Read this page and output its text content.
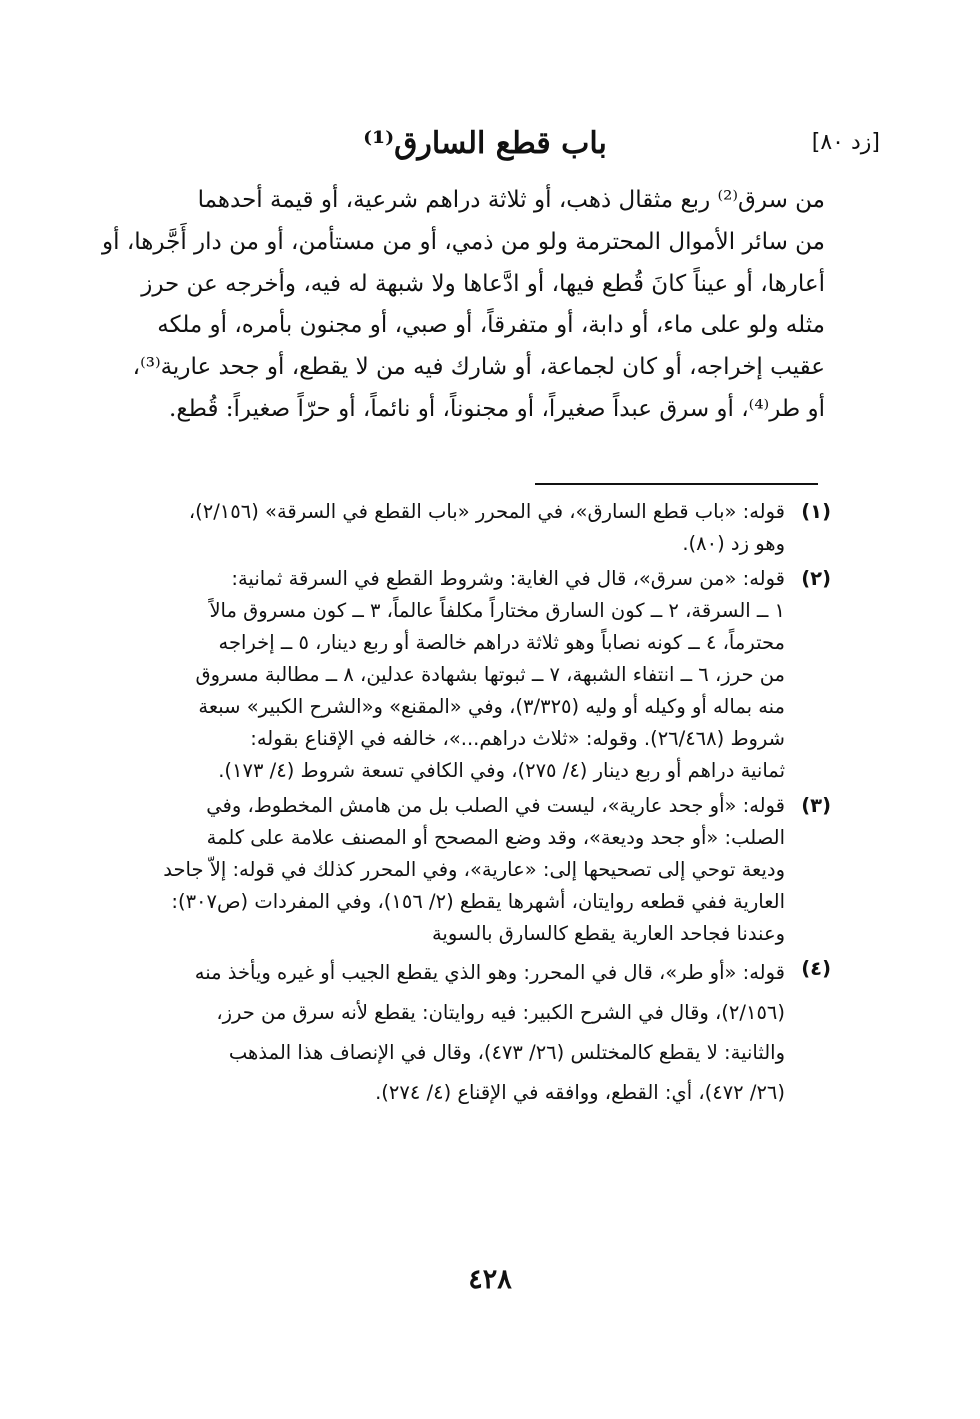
باب قطع السارق⁽¹⁾	[زد ٨٠]

من سرق⁽²⁾ ربع مثقال ذهب، أو ثلاثة دراهم شرعية، أو قيمة أحدهما

من سائر الأموال المحترمة ولو من ذمي، أو من مستأمن، أو من دار أَجَّرها، أو

أعارها، أو عيناً كانَ قُطع فيها، أو ادَّعاها ولا شبهة له فيه، وأخرجه عن حرز

مثله ولو على ماء، أو دابة، أو متفرقاً، أو صبي، أو مجنون بأمره، أو ملكه

عقيب إخراجه، أو كان لجماعة، أو شارك فيه من لا يقطع، أو جحد عارية⁽³⁾،

أو طر⁽⁴⁾، أو سرق عبداً صغيراً، أو مجنوناً، أو نائماً، أو حرّاً صغيراً: قُطع.

(١)
قوله: «باب قطع السارق»، في المحرر «باب القطع في السرقة» (٢/١٥٦)،
وهو زد (٨٠).
(٢)
قوله: «من سرق»، قال في الغاية: وشروط القطع في السرقة ثمانية:
١ ــ السرقة، ٢ ــ كون السارق مختاراً مكلفاً عالماً، ٣ ــ كون مسروق مالاً
محترماً، ٤ ــ كونه نصاباً وهو ثلاثة دراهم خالصة أو ربع دينار، ٥ ــ إخراجه
من حرز، ٦ ــ انتفاء الشبهة، ٧ ــ ثبوتها بشهادة عدلين، ٨ ــ مطالبة مسروق
منه بماله أو وكيله أو وليه (٣/٣٢٥)، وفي «المقنع» و«الشرح الكبير» سبعة
شروط (٢٦/٤٦٨). وقوله: «ثلاث دراهم...»، خالفه في الإقناع بقوله:
ثمانية دراهم أو ربع دينار (٤/ ٢٧٥)، وفي الكافي تسعة شروط (٤/ ١٧٣).
(٣)
قوله: «أو جحد عارية»، ليست في الصلب بل من هامش المخطوط، وفي
الصلب: «أو جحد وديعة»، وقد وضع المصحح أو المصنف علامة على كلمة
وديعة توحي إلى تصحيحها إلى: «عارية»، وفي المحرر كذلك في قوله: إلاّ جاحد
العارية ففي قطعه روايتان، أشهرها يقطع (٢/ ١٥٦)، وفي المفردات (ص٣٠٧):
وعندنا فجاحد العارية يقطع كالسارق بالسوية
(٤)
قوله: «أو طر»، قال في المحرر: وهو الذي يقطع الجيب أو غيره ويأخذ منه
(٢/١٥٦)، وقال في الشرح الكبير: فيه روايتان: يقطع لأنه سرق من حرز،
والثانية: لا يقطع كالمختلس (٢٦/ ٤٧٣)، وقال في الإنصاف هذا المذهب
(٢٦/ ٤٧٢)، أي: القطع، ووافقه في الإقناع (٤/ ٢٧٤).
٤٢٨
